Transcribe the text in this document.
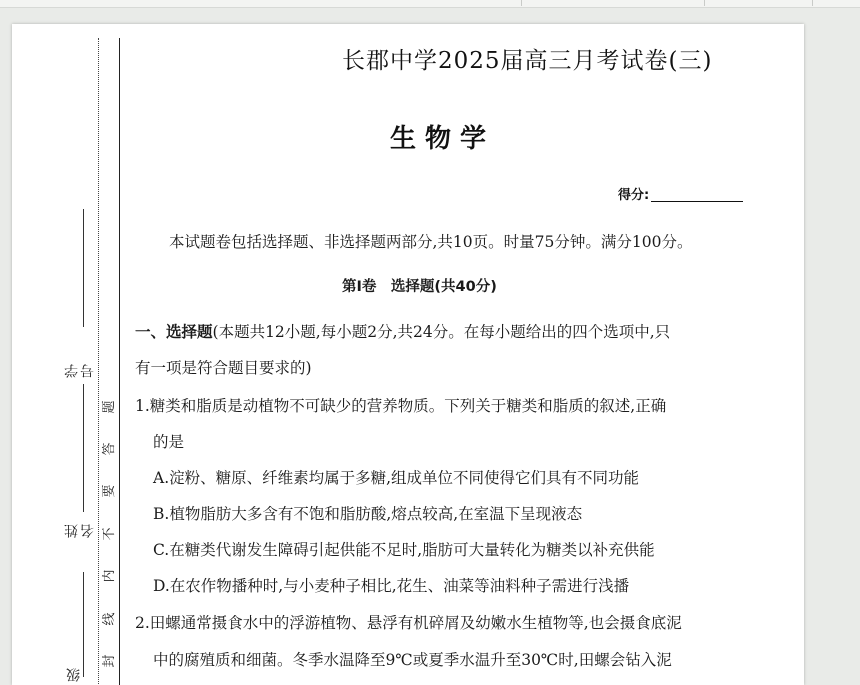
学 号
姓 名
级
题
答
要
不
内
线
封
长郡中学2025届高三月考试卷(三)
生物学
得分:
本试题卷包括选择题、非选择题两部分,共10页。时量75分钟。满分100分。
第Ⅰ卷　选择题(共40分)
一、选择题(本题共12小题,每小题2分,共24分。在每小题给出的四个选项中,只
有一项是符合题目要求的)
1.糖类和脂质是动植物不可缺少的营养物质。下列关于糖类和脂质的叙述,正确
的是
A.淀粉、糖原、纤维素均属于多糖,组成单位不同使得它们具有不同功能
B.植物脂肪大多含有不饱和脂肪酸,熔点较高,在室温下呈现液态
C.在糖类代谢发生障碍引起供能不足时,脂肪可大量转化为糖类以补充供能
D.在农作物播种时,与小麦种子相比,花生、油菜等油料种子需进行浅播
2.田螺通常摄食水中的浮游植物、悬浮有机碎屑及幼嫩水生植物等,也会摄食底泥
中的腐殖质和细菌。冬季水温降至9℃或夏季水温升至30℃时,田螺会钻入泥
